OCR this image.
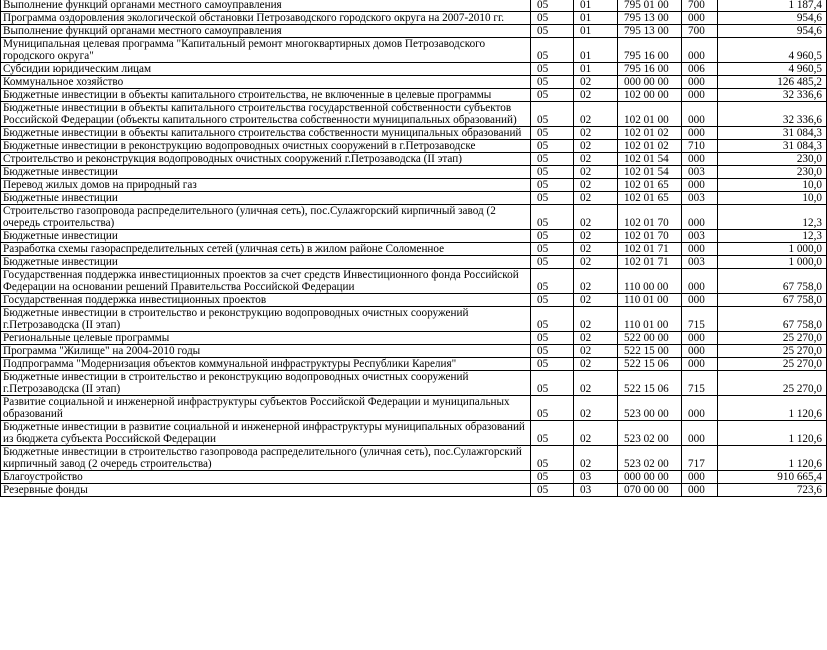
Выполнение функций органами местного самоуправления	05	01	795 01 00	700	1 187,4
Программа оздоровления экологической обстановки Петрозаводского городского округа на 2007-2010 гг.	05	01	795 13 00	000	954,6
Выполнение функций органами местного самоуправления	05	01	795 13 00	700	954,6
Муниципальная целевая программа "Капитальный ремонт многоквартирных домов Петрозаводского городского округа"	05	01	795 16 00	000	4 960,5
Субсидии юридическим лицам	05	01	795 16 00	006	4 960,5
Коммунальное хозяйство	05	02	000 00 00	000	126 485,2
Бюджетные инвестиции в объекты капитального строительства, не включенные в целевые программы	05	02	102 00 00	000	32 336,6
Бюджетные инвестиции в объекты капитального строительства государственной собственности субъектов Российской Федерации (объекты капитального строительства собственности муниципальных образований)	05	02	102 01 00	000	32 336,6
Бюджетные инвестиции в объекты капитального строительства собственности муниципальных образований	05	02	102 01 02	000	31 084,3
Бюджетные инвестиции в реконструкцию водопроводных очистных сооружений в г.Петрозаводске	05	02	102 01 02	710	31 084,3
Строительство и реконструкция водопроводных очистных сооружений г.Петрозаводска (II этап)	05	02	102 01 54	000	230,0
Бюджетные инвестиции	05	02	102 01 54	003	230,0
Перевод жилых домов на природный газ	05	02	102 01 65	000	10,0
Бюджетные инвестиции	05	02	102 01 65	003	10,0
Строительство газопровода распределительного (уличная сеть), пос.Сулажгорский кирпичный завод (2 очередь строительства)	05	02	102 01 70	000	12,3
Бюджетные инвестиции	05	02	102 01 70	003	12,3
Разработка схемы газораспределительных сетей (уличная сеть) в жилом районе Соломенное	05	02	102 01 71	000	1 000,0
Бюджетные инвестиции	05	02	102 01 71	003	1 000,0
Государственная поддержка инвестиционных проектов за счет средств Инвестиционного фонда Российской Федерации на основании решений Правительства Российской Федерации	05	02	110 00 00	000	67 758,0
Государственная поддержка инвестиционных проектов	05	02	110 01 00	000	67 758,0
Бюджетные инвестиции в строительство и реконструкцию водопроводных очистных сооружений г.Петрозаводска (II этап)	05	02	110 01 00	715	67 758,0
Региональные целевые программы	05	02	522 00 00	000	25 270,0
Программа "Жилище" на 2004-2010 годы	05	02	522 15 00	000	25 270,0
Подпрограмма "Модернизация объектов коммунальной инфраструктуры Республики Карелия"	05	02	522 15 06	000	25 270,0
Бюджетные инвестиции в строительство и реконструкцию водопроводных очистных сооружений г.Петрозаводска (II этап)	05	02	522 15 06	715	25 270,0
Развитие социальной и инженерной инфраструктуры субъектов Российской Федерации и муниципальных образований	05	02	523 00 00	000	1 120,6
Бюджетные инвестиции в развитие социальной и инженерной инфраструктуры муниципальных образований из бюджета субъекта Российской Федерации	05	02	523 02 00	000	1 120,6
Бюджетные инвестиции в строительство газопровода распределительного (уличная сеть), пос.Сулажгорский кирпичный завод (2 очередь строительства)	05	02	523 02 00	717	1 120,6
Благоустройство	05	03	000 00 00	000	910 665,4
Резервные фонды	05	03	070 00 00	000	723,6
